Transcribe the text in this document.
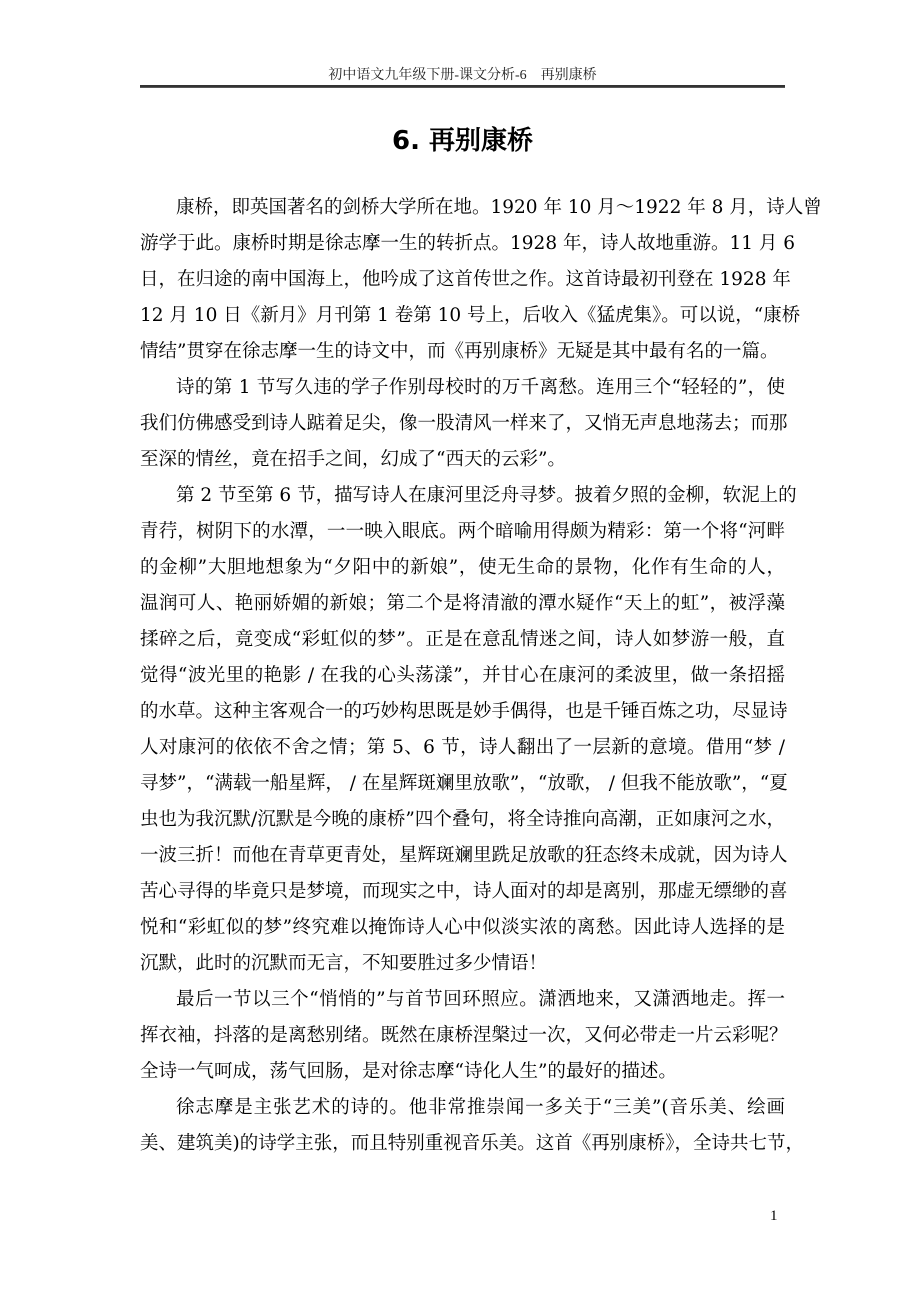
初中语文九年级下册-课文分析-6　再别康桥
6. 再别康桥
康桥，即英国著名的剑桥大学所在地。1920 年 10 月～1922 年 8 月，诗人曾
游学于此。康桥时期是徐志摩一生的转折点。1928 年，诗人故地重游。11 月 6
日，在归途的南中国海上，他吟成了这首传世之作。这首诗最初刊登在 1928 年
12 月 10 日《新月》月刊第 1 卷第 10 号上，后收入《猛虎集》。可以说，“康桥
情结”贯穿在徐志摩一生的诗文中，而《再别康桥》无疑是其中最有名的一篇。
诗的第 1 节写久违的学子作别母校时的万千离愁。连用三个“轻轻的”，使
我们仿佛感受到诗人踮着足尖，像一股清风一样来了，又悄无声息地荡去；而那
至深的情丝，竟在招手之间，幻成了“西天的云彩”。
第 2 节至第 6 节，描写诗人在康河里泛舟寻梦。披着夕照的金柳，软泥上的
青荇，树阴下的水潭，一一映入眼底。两个暗喻用得颇为精彩：第一个将“河畔
的金柳”大胆地想象为“夕阳中的新娘”，使无生命的景物，化作有生命的人，
温润可人、艳丽娇媚的新娘；第二个是将清澈的潭水疑作“天上的虹”，被浮藻
揉碎之后，竟变成“彩虹似的梦”。正是在意乱情迷之间，诗人如梦游一般，直
觉得“波光里的艳影 / 在我的心头荡漾”，并甘心在康河的柔波里，做一条招摇
的水草。这种主客观合一的巧妙构思既是妙手偶得，也是千锤百炼之功，尽显诗
人对康河的依依不舍之情；第 5、6 节，诗人翻出了一层新的意境。借用“梦 /
寻梦”，“满载一船星辉， / 在星辉斑斓里放歌”，“放歌， / 但我不能放歌”，“夏
虫也为我沉默/沉默是今晚的康桥”四个叠句，将全诗推向高潮，正如康河之水，
一波三折！而他在青草更青处，星辉斑斓里跣足放歌的狂态终未成就，因为诗人
苦心寻得的毕竟只是梦境，而现实之中，诗人面对的却是离别，那虚无缥缈的喜
悦和“彩虹似的梦”终究难以掩饰诗人心中似淡实浓的离愁。因此诗人选择的是
沉默，此时的沉默而无言，不知要胜过多少情语！
最后一节以三个“悄悄的”与首节回环照应。潇洒地来，又潇洒地走。挥一
挥衣袖，抖落的是离愁别绪。既然在康桥涅槃过一次，又何必带走一片云彩呢？
全诗一气呵成，荡气回肠，是对徐志摩“诗化人生”的最好的描述。
徐志摩是主张艺术的诗的。他非常推崇闻一多关于“三美”(音乐美、绘画
美、建筑美)的诗学主张，而且特别重视音乐美。这首《再别康桥》，全诗共七节，
1
